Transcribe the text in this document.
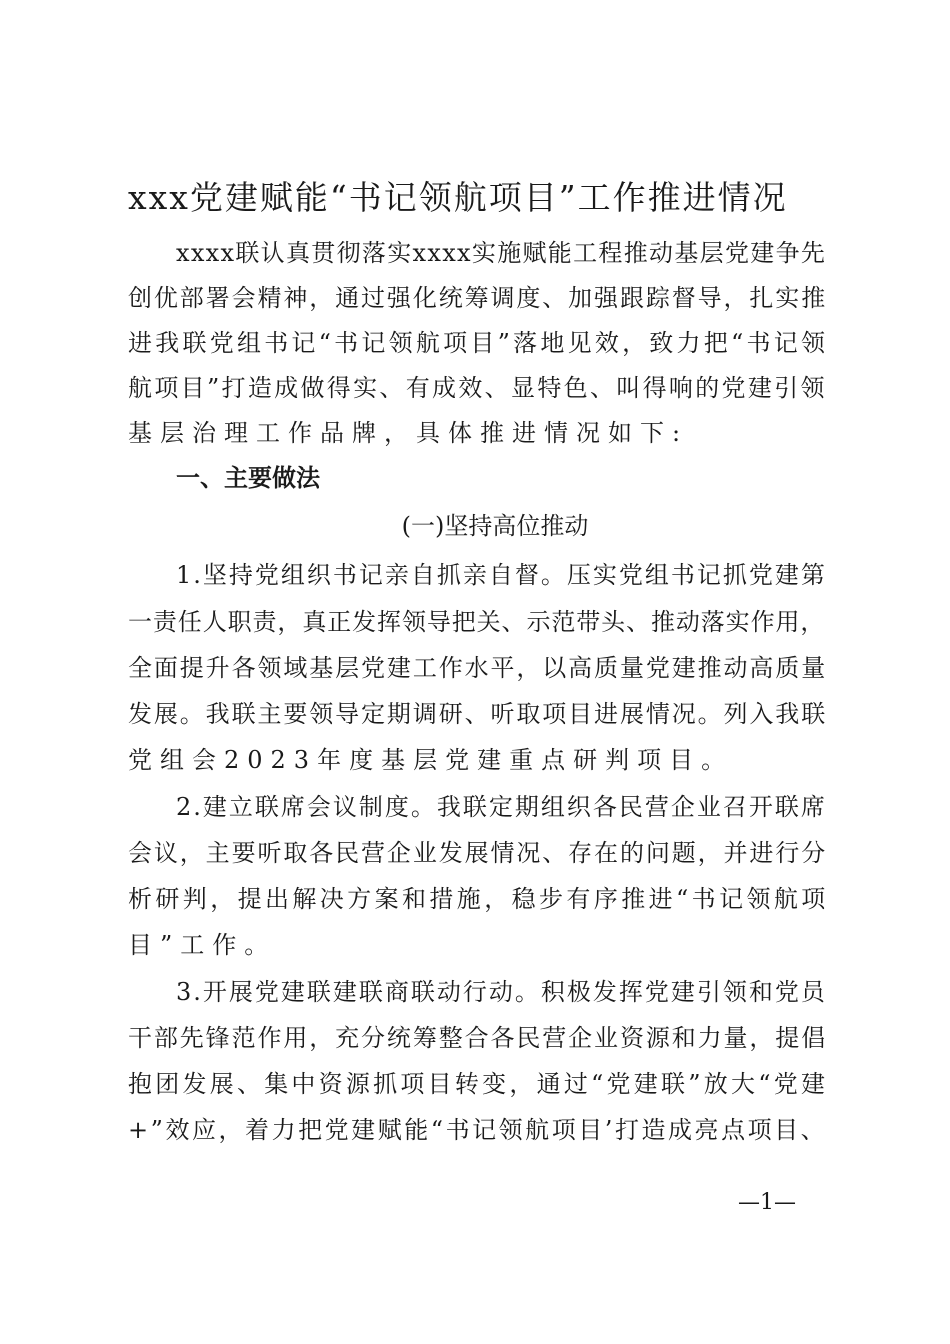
xxx党建赋能“书记领航项目”工作推进情况
xxxx联认真贯彻落实xxxx实施赋能工程推动基层党建争先
创优部署会精神，通过强化统筹调度、加强跟踪督导，扎实推
进我联党组书记“书记领航项目”落地见效，致力把“书记领
航项目”打造成做得实、有成效、显特色、叫得响的党建引领
基层治理工作品牌，具体推进情况如下:
一、主要做法
(一)坚持高位推动
1.坚持党组织书记亲自抓亲自督。压实党组书记抓党建第
一责任人职责，真正发挥领导把关、示范带头、推动落实作用，
全面提升各领域基层党建工作水平，以高质量党建推动高质量
发展。我联主要领导定期调研、听取项目进展情况。列入我联
党组会2023年度基层党建重点研判项目。
2.建立联席会议制度。我联定期组织各民营企业召开联席
会议，主要听取各民营企业发展情况、存在的问题，并进行分
析研判，提出解决方案和措施，稳步有序推进“书记领航项
目”工作。
3.开展党建联建联商联动行动。积极发挥党建引领和党员
干部先锋范作用，充分统筹整合各民营企业资源和力量，提倡
抱团发展、集中资源抓项目转变，通过“党建联”放大“党建
+”效应，着力把党建赋能“书记领航项目’打造成亮点项目、
—1—
